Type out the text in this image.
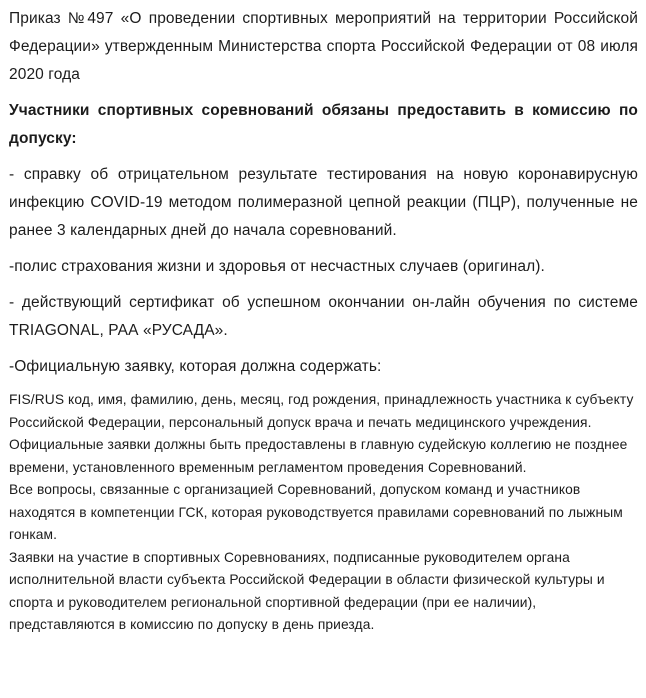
Приказ №497 «О проведении спортивных мероприятий на территории Российской Федерации» утвержденным Министерства спорта Российской Федерации от 08 июля 2020 года

Участники спортивных соревнований обязаны предоставить в комиссию по допуску:

- справку об отрицательном результате тестирования на новую коронавирусную инфекцию COVID-19 методом полимеразной цепной реакции (ПЦР), полученные не ранее 3 календарных дней до начала соревнований.

-полис страхования жизни и здоровья от несчастных случаев (оригинал).

- действующий сертификат об успешном окончании он-лайн обучения по системе TRIAGONAL, РАА «РУСАДА».

-Официальную заявку, которая должна содержать:

FIS/RUS код, имя, фамилию, день, месяц, год рождения, принадлежность участника к субъекту Российской Федерации, персональный допуск врача и печать медицинского учреждения.

Официальные заявки должны быть предоставлены в главную судейскую коллегию не позднее времени, установленного временным регламентом проведения Соревнований.

Все вопросы, связанные с организацией Соревнований, допуском команд и участников находятся в компетенции ГСК, которая руководствуется правилами соревнований по лыжным гонкам.

Заявки на участие в спортивных Соревнованиях, подписанные руководителем органа исполнительной власти субъекта Российской Федерации в области физической культуры и спорта и руководителем региональной спортивной федерации (при ее наличии), представляются в комиссию по допуску в день приезда.
